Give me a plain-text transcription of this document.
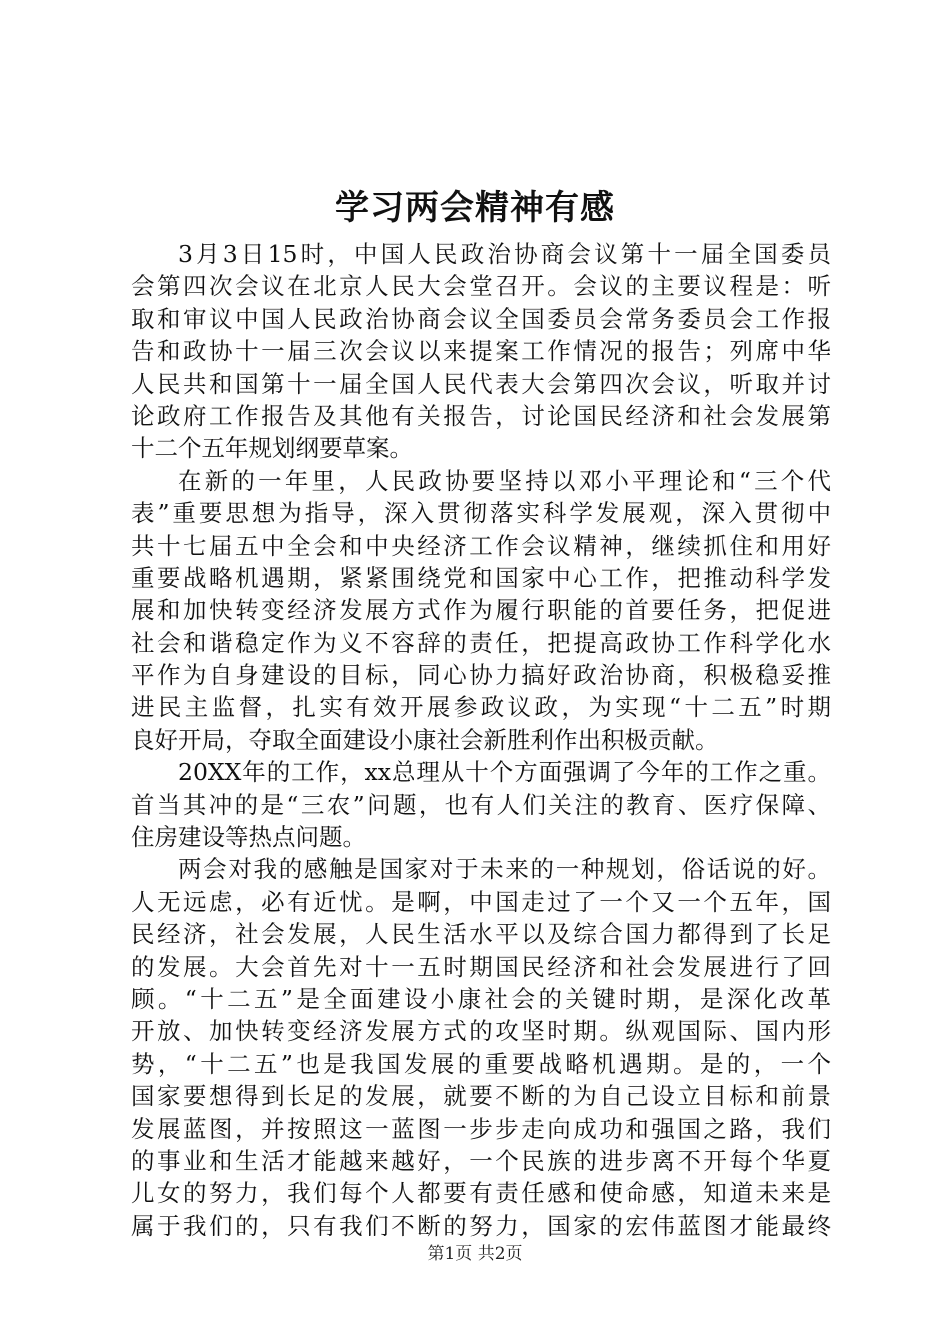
学习两会精神有感
3月3日15时，中国人民政治协商会议第十一届全国委员
会第四次会议在北京人民大会堂召开。会议的主要议程是：听
取和审议中国人民政治协商会议全国委员会常务委员会工作报
告和政协十一届三次会议以来提案工作情况的报告；列席中华
人民共和国第十一届全国人民代表大会第四次会议，听取并讨
论政府工作报告及其他有关报告，讨论国民经济和社会发展第
十二个五年规划纲要草案。
在新的一年里，人民政协要坚持以邓小平理论和“三个代
表”重要思想为指导，深入贯彻落实科学发展观，深入贯彻中
共十七届五中全会和中央经济工作会议精神，继续抓住和用好
重要战略机遇期，紧紧围绕党和国家中心工作，把推动科学发
展和加快转变经济发展方式作为履行职能的首要任务，把促进
社会和谐稳定作为义不容辞的责任，把提高政协工作科学化水
平作为自身建设的目标，同心协力搞好政治协商，积极稳妥推
进民主监督，扎实有效开展参政议政，为实现“十二五”时期
良好开局，夺取全面建设小康社会新胜利作出积极贡献。
20XX年的工作，xx总理从十个方面强调了今年的工作之重。
首当其冲的是“三农”问题，也有人们关注的教育、医疗保障、
住房建设等热点问题。
两会对我的感触是国家对于未来的一种规划，俗话说的好。
人无远虑，必有近忧。是啊，中国走过了一个又一个五年，国
民经济，社会发展，人民生活水平以及综合国力都得到了长足
的发展。大会首先对十一五时期国民经济和社会发展进行了回
顾。“十二五”是全面建设小康社会的关键时期，是深化改革
开放、加快转变经济发展方式的攻坚时期。纵观国际、国内形
势，“十二五”也是我国发展的重要战略机遇期。是的，一个
国家要想得到长足的发展，就要不断的为自己设立目标和前景
发展蓝图，并按照这一蓝图一步步走向成功和强国之路，我们
的事业和生活才能越来越好，一个民族的进步离不开每个华夏
儿女的努力，我们每个人都要有责任感和使命感，知道未来是
属于我们的，只有我们不断的努力，国家的宏伟蓝图才能最终
第1页 共2页
